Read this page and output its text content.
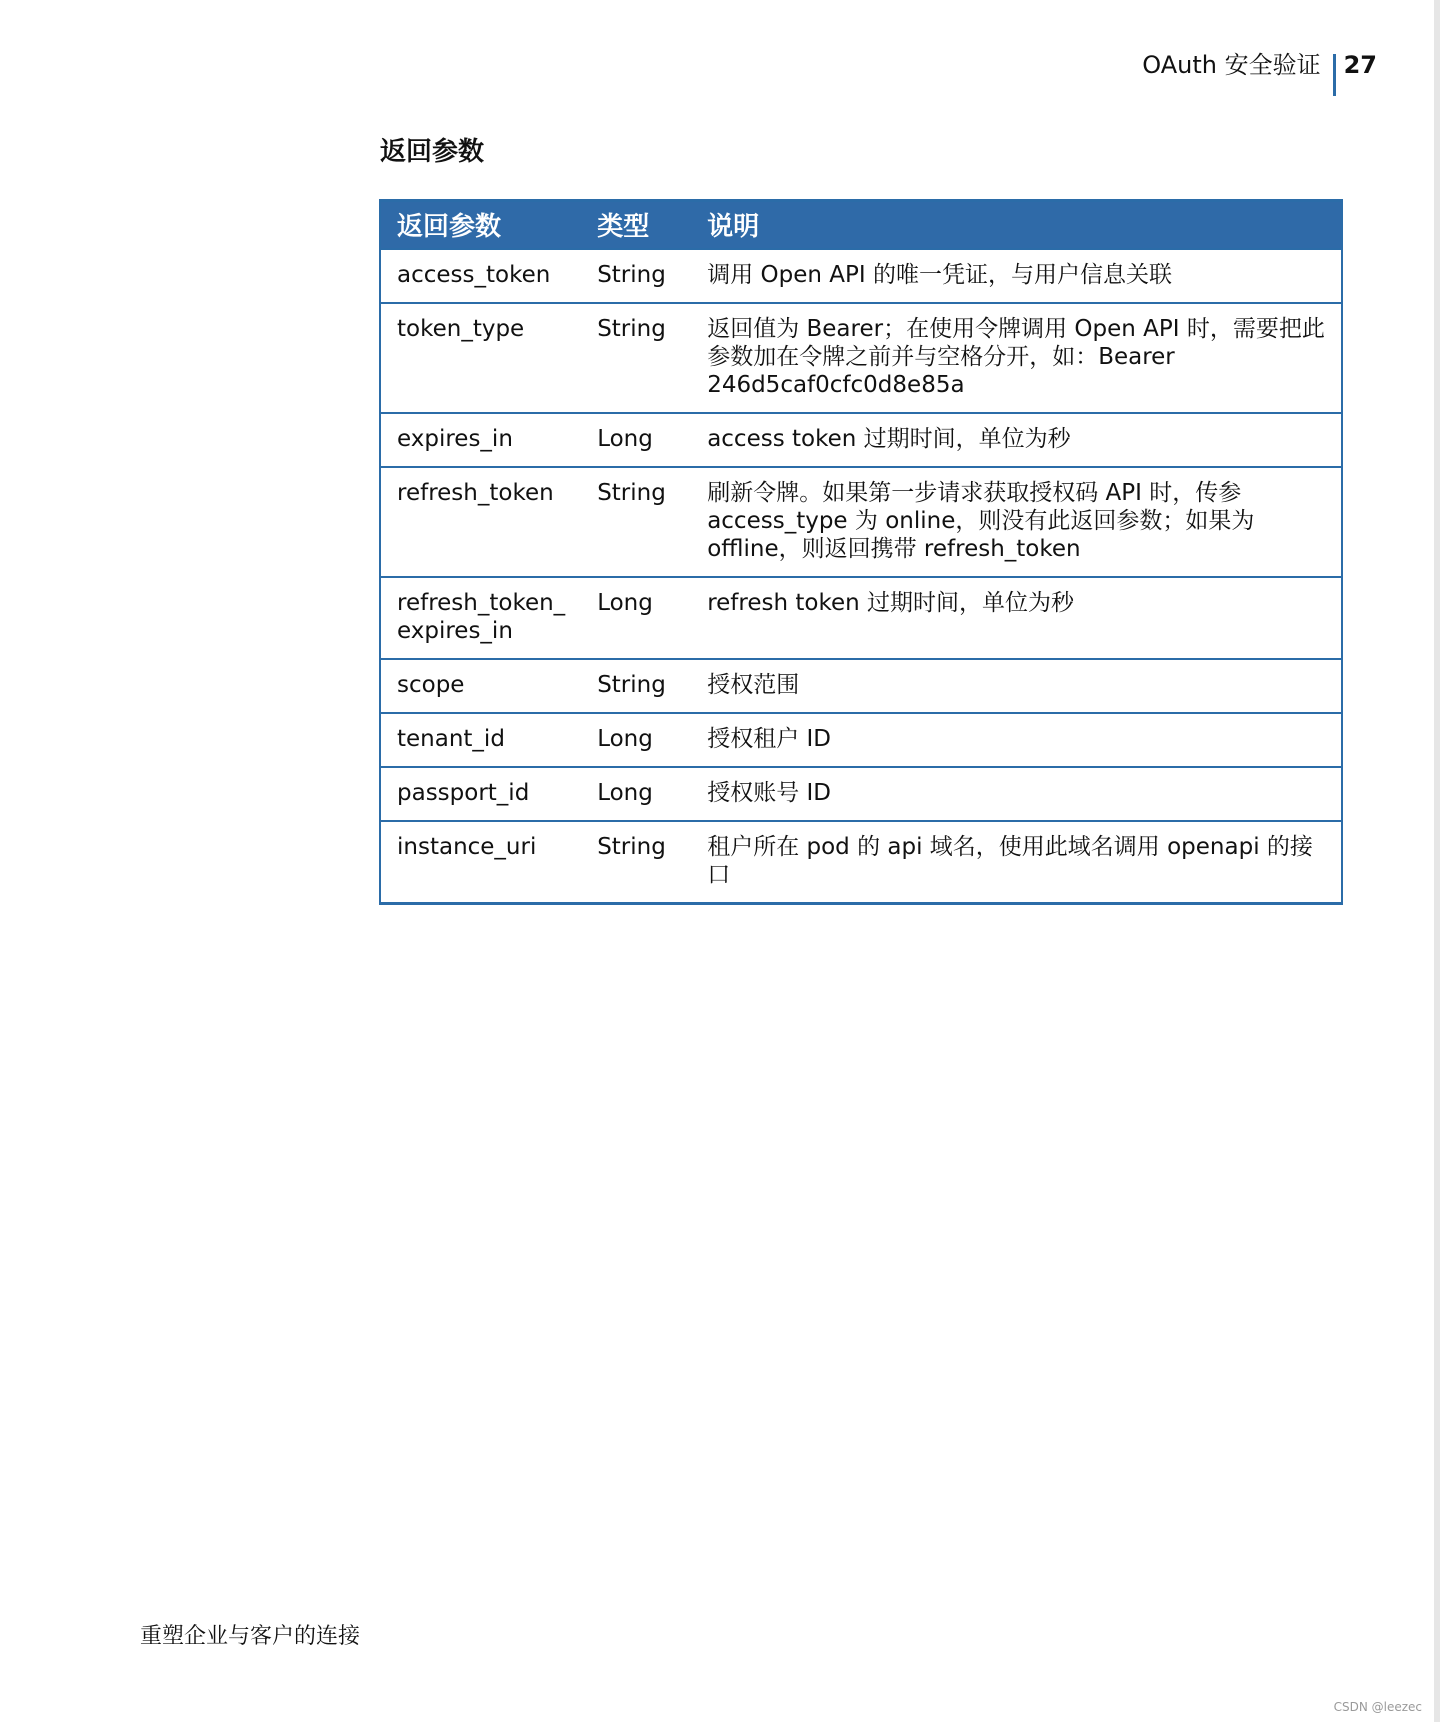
OAuth 安全验证 27
返回参数
返回参数	类型	说明
access_token	String	调用 Open API 的唯一凭证，与用户信息关联
token_type	String	返回值为 Bearer；在使用令牌调用 Open API 时，需要把此参数加在令牌之前并与空格分开，如：Bearer 246d5caf0cfc0d8e85a
expires_in	Long	access token 过期时间，单位为秒
refresh_token	String	刷新令牌。如果第一步请求获取授权码 API 时，传参 access_type 为 online，则没有此返回参数；如果为 offline，则返回携带 refresh_token
refresh_token_ expires_in	Long	refresh token 过期时间，单位为秒
scope	String	授权范围
tenant_id	Long	授权租户 ID
passport_id	Long	授权账号 ID
instance_uri	String	租户所在 pod 的 api 域名，使用此域名调用 openapi 的接口
重塑企业与客户的连接
CSDN @leezec
